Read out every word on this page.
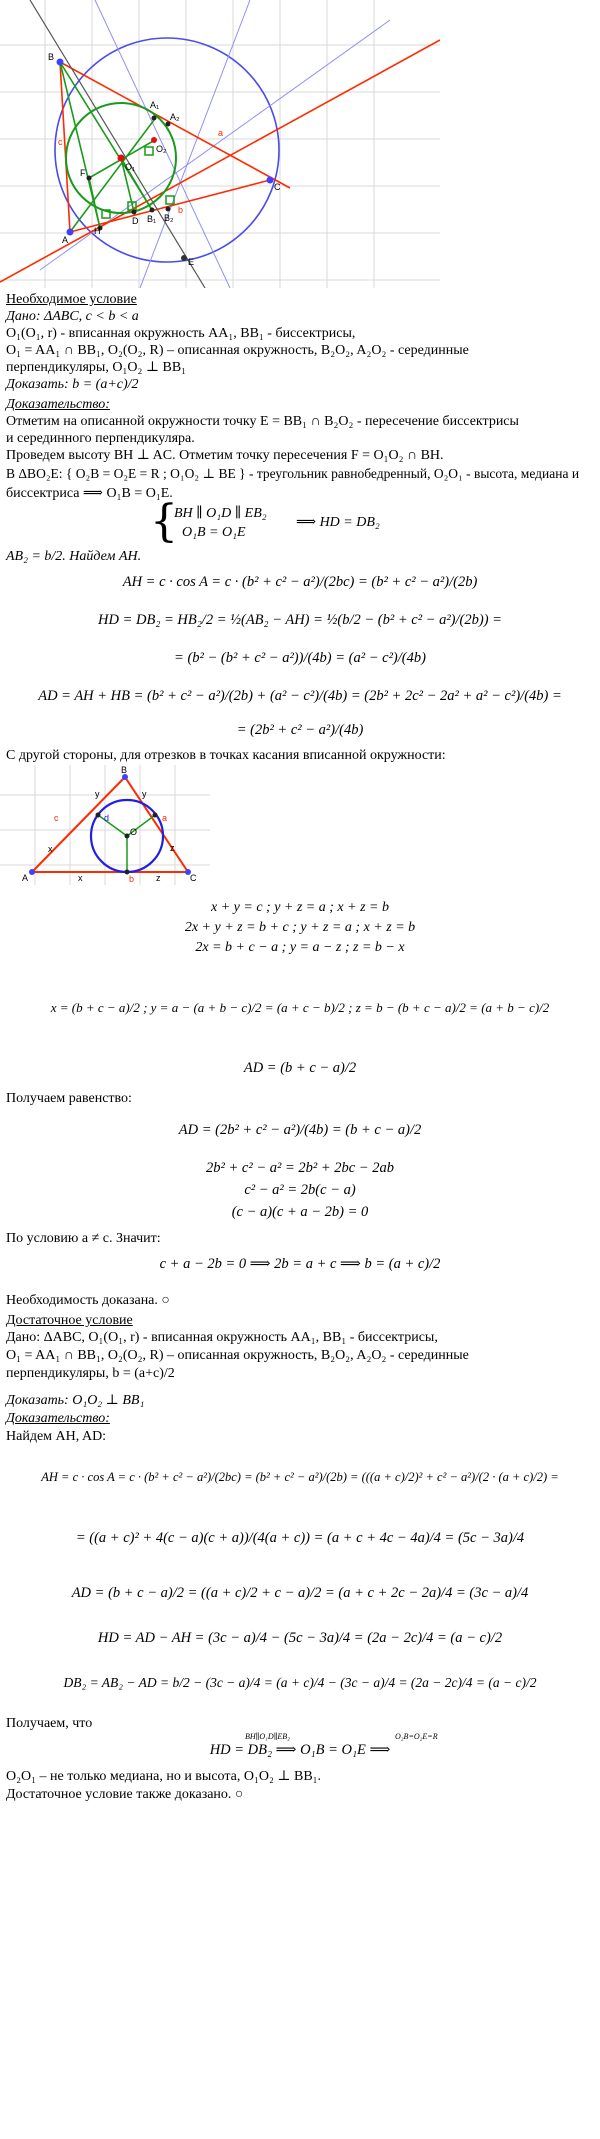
B
A
C
E
H
D
F
A₁
A₂
B₁ B₂
O₁
O₂
a
b
c
Необходимое условие
Дано: ΔABC, c < b < a
O₁(O₁, r) - вписанная окружность AA₁, BB₁ - биссектрисы,
O₁ = AA₁ ∩ BB₁, O₂(O₂, R) – описанная окружность, B₂O₂, A₂O₂ - серединные
перпендикуляры, O₁O₂ ⊥ BB₁
Доказать: b = (a+c)/2
Доказательство:
Отметим на описанной окружности точку E = BB₁ ∩ B₂O₂ - пересечение биссектрисы
и серединного перпендикуляра.
Проведем высоту BH ⊥ AC. Отметим точку пересечения F = O₁O₂ ∩ BH.
В ΔBO₂E: { O₂B = O₂E = R ; O₁O₂ ⊥ BE } - треугольник равнобедренный, O₂O₁ - высота, медиана и
биссектриса ⟹ O₁B = O₁E.
{
BH ∥ O₁D ∥ EB₂
O₁B = O₁E
⟹ HD = DB₂
AB₂ = b/2. Найдем AH.
AH = c · cos A = c · (b² + c² − a²)/(2bc) = (b² + c² − a²)/(2b)
HD = DB₂ = HB₂/2 = ½(AB₂ − AH) = ½(b/2 − (b² + c² − a²)/(2b)) =
= (b² − (b² + c² − a²))/(4b) = (a² − c²)/(4b)
AD = AH + HB = (b² + c² − a²)/(2b) + (a² − c²)/(4b) = (2b² + 2c² − 2a² + a² − c²)/(4b) =
= (2b² + c² − a²)/(4b)
С другой стороны, для отрезков в точках касания вписанной окружности:
A
B
C
a
b
c	d
O
x
x
y	y
z
z
x + y = c ; y + z = a ; x + z = b
2x + y + z = b + c ; y + z = a ; x + z = b
2x = b + c − a ; y = a − z ; z = b − x
x = (b + c − a)/2 ; y = a − (a + b − c)/2 = (a + c − b)/2 ; z = b − (b + c − a)/2 = (a + b − c)/2
AD = (b + c − a)/2
Получаем равенство:
AD = (2b² + c² − a²)/(4b) = (b + c − a)/2
2b² + c² − a² = 2b² + 2bc − 2ab
c² − a² = 2b(c − a)
(c − a)(c + a − 2b) = 0
По условию a ≠ c. Значит:
c + a − 2b = 0 ⟹ 2b = a + c ⟹ b = (a + c)/2
Необходимость доказана. ○
Достаточное условие
Дано: ΔABC, O₁(O₁, r) - вписанная окружность AA₁, BB₁ - биссектрисы,
O₁ = AA₁ ∩ BB₁, O₂(O₂, R) – описанная окружность, B₂O₂, A₂O₂ - серединные
перпендикуляры, b = (a+c)/2
Доказать: O₁O₂ ⊥ BB₁
Доказательство:
Найдем AH, AD:
AH = c · cos A = c · (b² + c² − a²)/(2bc) = (b² + c² − a²)/(2b) = (((a + c)/2)² + c² − a²)/(2 · (a + c)/2) =
= ((a + c)² + 4(c − a)(c + a))/(4(a + c)) = (a + c + 4c − 4a)/4 = (5c − 3a)/4
AD = (b + c − a)/2 = ((a + c)/2 + c − a)/2 = (a + c + 2c − 2a)/4 = (3c − a)/4
HD = AD − AH = (3c − a)/4 − (5c − 3a)/4 = (2a − 2c)/4 = (a − c)/2
DB₂ = AB₂ − AD = b/2 − (3c − a)/4 = (a + c)/4 − (3c − a)/4 = (2a − 2c)/4 = (a − c)/2
Получаем, что
BH∥O₁D∥EB₂	O₂B=O₂E=R
HD = DB₂ ⟹ O₁B = O₁E ⟹
O₂O₁ – не только медиана, но и высота, O₁O₂ ⊥ BB₁.
Достаточное условие также доказано. ○
